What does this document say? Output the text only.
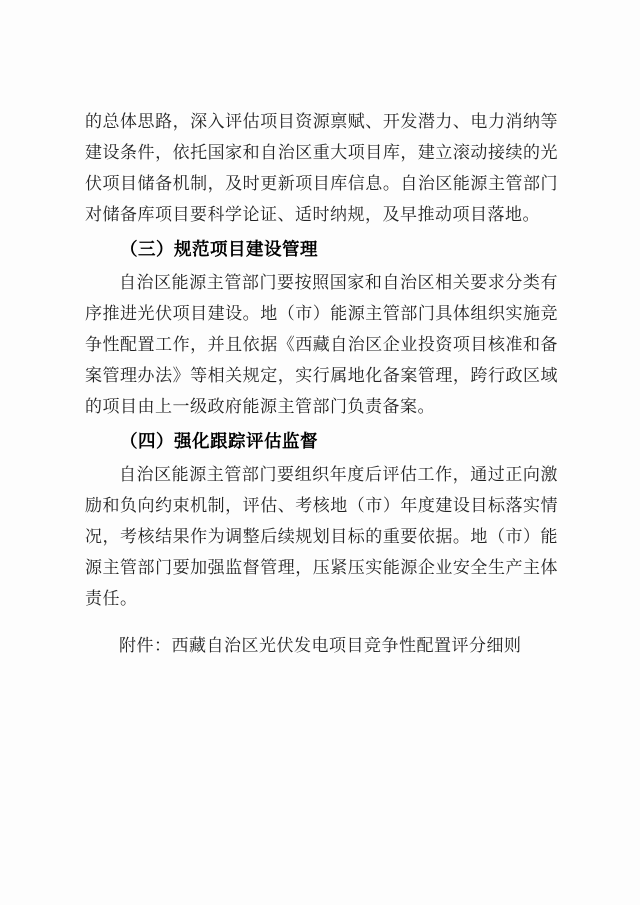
的总体思路，深入评估项目资源禀赋、开发潜力、电力消纳等建设条件，依托国家和自治区重大项目库，建立滚动接续的光伏项目储备机制，及时更新项目库信息。自治区能源主管部门对储备库项目要科学论证、适时纳规，及早推动项目落地。

（三）规范项目建设管理

自治区能源主管部门要按照国家和自治区相关要求分类有序推进光伏项目建设。地（市）能源主管部门具体组织实施竞争性配置工作，并且依据《西藏自治区企业投资项目核准和备案管理办法》等相关规定，实行属地化备案管理，跨行政区域的项目由上一级政府能源主管部门负责备案。

（四）强化跟踪评估监督

自治区能源主管部门要组织年度后评估工作，通过正向激励和负向约束机制，评估、考核地（市）年度建设目标落实情况，考核结果作为调整后续规划目标的重要依据。地（市）能源主管部门要加强监督管理，压紧压实能源企业安全生产主体责任。

附件：西藏自治区光伏发电项目竞争性配置评分细则
